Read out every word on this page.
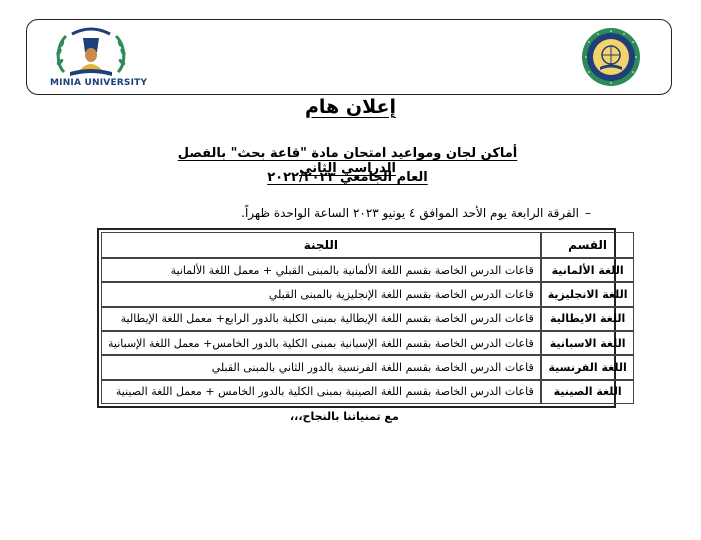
MINIA UNIVERSITY
إعلان هام
أماكن لجان ومواعيد امتحان مادة "قاعة بحث" بالفصل الدراسي الثاني
العام الجامعي ٢٠٢٢/٢٠٢٣
–الفرقة الرابعة يوم الأحد الموافق ٤ يونيو ٢٠٢٣ الساعة الواحدة ظهراً.
القسم	اللجنة
اللغة الألمانية	قاعات الدرس الخاصة بقسم اللغة الألمانية بالمبنى القبلي + معمل اللغة الألمانية
اللغة الانجليزية	قاعات الدرس الخاصة بقسم اللغة الإنجليزية بالمبنى القبلي
اللغة الايطالية	قاعات الدرس الخاصة بقسم اللغة الإيطالية بمبنى الكلية بالدور الرابع+ معمل اللغة الإيطالية
اللغة الاسبانية	قاعات الدرس الخاصة بقسم اللغة الإسبانية بمبنى الكلية بالدور الخامس+ معمل اللغة الإسبانية
اللغة الفرنسية	قاعات الدرس الخاصة بقسم اللغة الفرنسية بالدور الثاني بالمبنى القبلي
اللغة الصينية	قاعات الدرس الخاصة بقسم اللغة الصينية بمبنى الكلية بالدور الخامس + معمل اللغة الصينية
مع تمنياتنا بالنجاح،،،
